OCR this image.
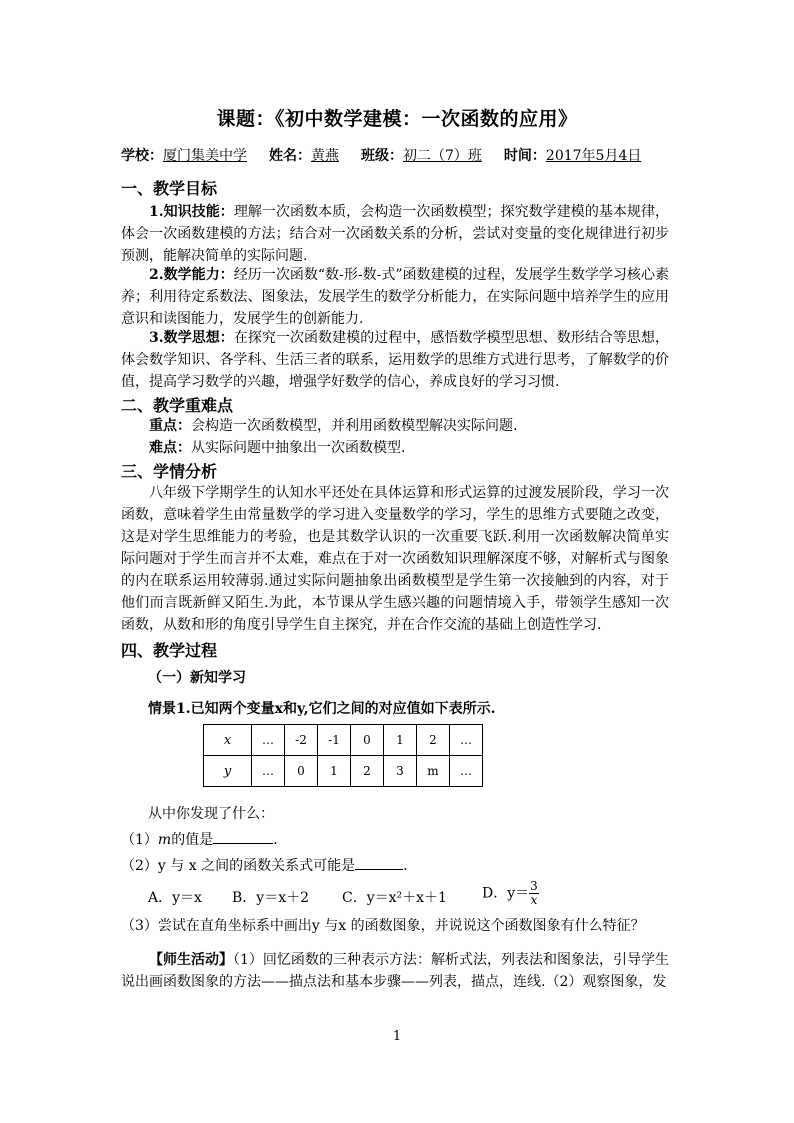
课题：《初中数学建模：一次函数的应用》
学校：厦门集美中学 姓名：黄燕 班级：初二（7）班 时间：2017年5月4日
一、教学目标
1.知识技能：理解一次函数本质，会构造一次函数模型；探究数学建模的基本规律，体会一次函数建模的方法；结合对一次函数关系的分析，尝试对变量的变化规律进行初步预测，能解决简单的实际问题.
2.数学能力：经历一次函数“数-形-数-式”函数建模的过程，发展学生数学学习核心素养；利用待定系数法、图象法，发展学生的数学分析能力，在实际问题中培养学生的应用意识和读图能力，发展学生的创新能力.
3.数学思想：在探究一次函数建模的过程中，感悟数学模型思想、数形结合等思想，体会数学知识、各学科、生活三者的联系，运用数学的思维方式进行思考，了解数学的价值，提高学习数学的兴趣，增强学好数学的信心，养成良好的学习习惯.
二、教学重难点
重点：会构造一次函数模型，并利用函数模型解决实际问题.
难点：从实际问题中抽象出一次函数模型.
三、学情分析
八年级下学期学生的认知水平还处在具体运算和形式运算的过渡发展阶段，学习一次函数，意味着学生由常量数学的学习进入变量数学的学习，学生的思维方式要随之改变，这是对学生思维能力的考验，也是其数学认识的一次重要飞跃.利用一次函数解决简单实际问题对于学生而言并不太难，难点在于对一次函数知识理解深度不够，对解析式与图象的内在联系运用较薄弱.通过实际问题抽象出函数模型是学生第一次接触到的内容，对于他们而言既新鲜又陌生.为此，本节课从学生感兴趣的问题情境入手，带领学生感知一次函数，从数和形的角度引导学生自主探究，并在合作交流的基础上创造性学习.
四、教学过程
（一）新知学习
情景1.已知两个变量x和y,它们之间的对应值如下表所示.
x	…	-2	-1	0	1	2	…
y	…	0	1	2	3	m	…
从中你发现了什么：
（1）m的值是	.
（2）y 与 x 之间的函数关系式可能是	.
A．y＝x B．y＝x＋2 C．y＝x²＋x＋1	D．$y= \frac{3}{x}$
（3）尝试在直角坐标系中画出y 与x 的函数图象，并说说这个函数图象有什么特征？
【师生活动】（1）回忆函数的三种表示方法：解析式法，列表法和图象法，引导学生说出画函数图象的方法——描点法和基本步骤——列表，描点，连线.（2）观察图象，发
1
